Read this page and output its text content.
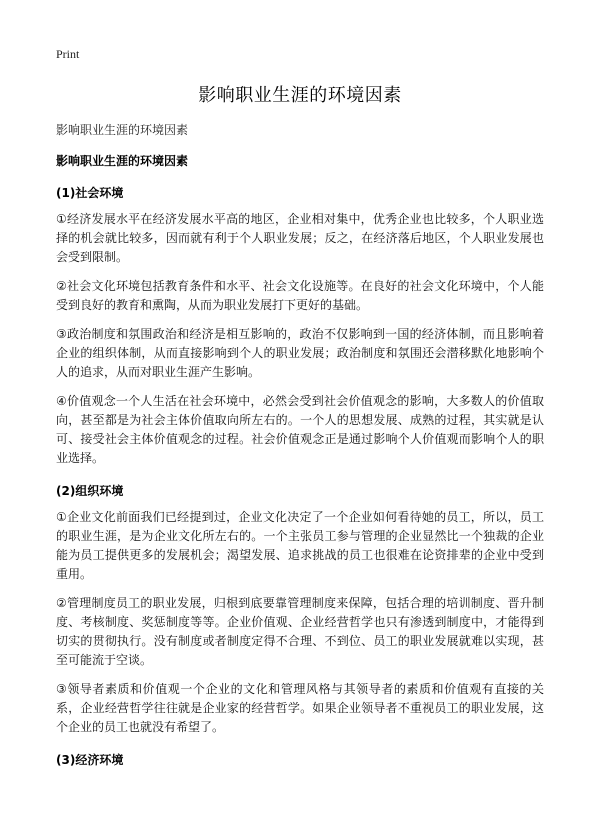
Print
影响职业生涯的环境因素
影响职业生涯的环境因素
影响职业生涯的环境因素
(1)社会环境

①经济发展水平在经济发展水平高的地区，企业相对集中，优秀企业也比较多，个人职业选择的机会就比较多，因而就有利于个人职业发展；反之，在经济落后地区，个人职业发展也会受到限制。

②社会文化环境包括教育条件和水平、社会文化设施等。在良好的社会文化环境中，个人能受到良好的教育和熏陶，从而为职业发展打下更好的基础。

③政治制度和氛围政治和经济是相互影响的，政治不仅影响到一国的经济体制，而且影响着企业的组织体制，从而直接影响到个人的职业发展；政治制度和氛围还会潜移默化地影响个人的追求，从而对职业生涯产生影响。

④价值观念一个人生活在社会环境中，必然会受到社会价值观念的影响，大多数人的价值取向，甚至都是为社会主体价值取向所左右的。一个人的思想发展、成熟的过程，其实就是认可、接受社会主体价值观念的过程。社会价值观念正是通过影响个人价值观而影响个人的职业选择。

(2)组织环境

①企业文化前面我们已经提到过，企业文化决定了一个企业如何看待她的员工，所以，员工的职业生涯，是为企业文化所左右的。一个主张员工参与管理的企业显然比一个独裁的企业能为员工提供更多的发展机会；渴望发展、追求挑战的员工也很难在论资排辈的企业中受到重用。

②管理制度员工的职业发展，归根到底要靠管理制度来保障，包括合理的培训制度、晋升制度、考核制度、奖惩制度等等。企业价值观、企业经营哲学也只有渗透到制度中，才能得到切实的贯彻执行。没有制度或者制度定得不合理、不到位、员工的职业发展就难以实现，甚至可能流于空谈。

③领导者素质和价值观一个企业的文化和管理风格与其领导者的素质和价值观有直接的关系，企业经营哲学往往就是企业家的经营哲学。如果企业领导者不重视员工的职业发展，这个企业的员工也就没有希望了。

(3)经济环境
